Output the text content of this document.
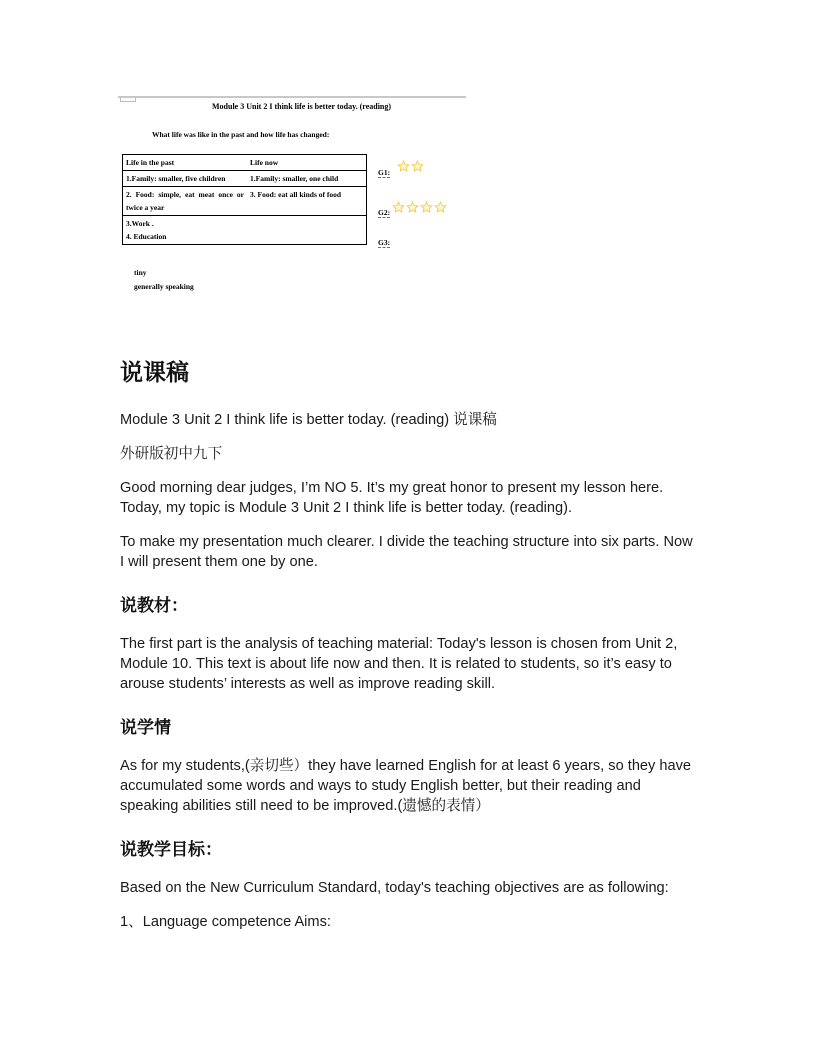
Module 3 Unit 2 I think life is better today. (reading)
What life was like in the past and how life has changed:
Life in the past	Life now
1.Family: smaller, five children	1.Family: smaller, one child
2. Food: simple, eat meat once or twice a year	3. Food: eat all kinds of food
3.Work .
4. Education	
G1:
G2:
G3:
tiny
generally speaking
说课稿

Module 3 Unit 2 I think life is better today. (reading) 说课稿

外研版初中九下

Good morning dear judges, I’m NO 5. It’s my great honor to present my lesson here. Today, my topic is Module 3 Unit 2 I think life is better today. (reading).

To make my presentation much clearer. I divide the teaching structure into six parts. Now I will present them one by one.

说教材：

The first part is the analysis of teaching material: Today's lesson is chosen from Unit 2, Module 10. This text is about life now and then. It is related to students, so it’s easy to arouse students’ interests as well as improve reading skill.

说学情

As for my students,(亲切些）they have learned English for at least 6 years, so they have accumulated some words and ways to study English better, but their reading and speaking abilities still need to be improved.(遗憾的表情）

说教学目标：

Based on the New Curriculum Standard, today's teaching objectives are as following:

1、Language competence Aims:
